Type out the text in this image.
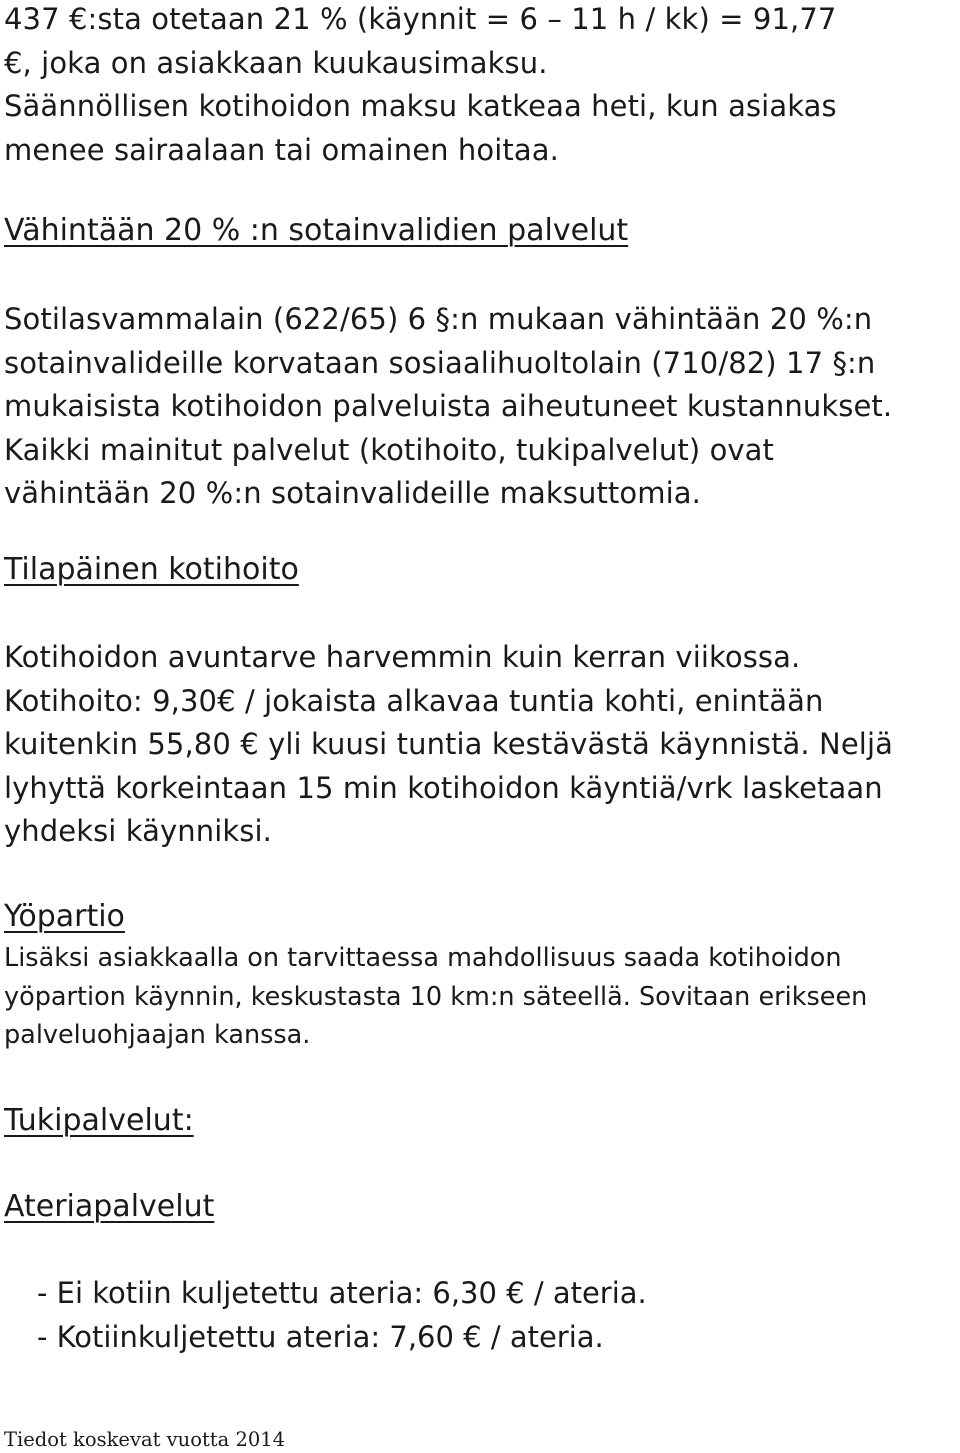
437 €:sta otetaan 21 % (käynnit = 6 – 11 h / kk) = 91,77
€, joka on asiakkaan kuukausimaksu.
Säännöllisen kotihoidon maksu katkeaa heti, kun asiakas
menee sairaalaan tai omainen hoitaa.

Vähintään 20 % :n sotainvalidien palvelut

Sotilasvammalain (622/65) 6 §:n mukaan vähintään 20 %:n
sotainvalideille korvataan sosiaalihuoltolain (710/82) 17 §:n
mukaisista kotihoidon palveluista aiheutuneet kustannukset.
Kaikki mainitut palvelut (kotihoito, tukipalvelut) ovat
vähintään 20 %:n sotainvalideille maksuttomia.

Tilapäinen kotihoito

Kotihoidon avuntarve harvemmin kuin kerran viikossa.
Kotihoito: 9,30€ / jokaista alkavaa tuntia kohti, enintään
kuitenkin 55,80 € yli kuusi tuntia kestävästä käynnistä. Neljä
lyhyttä korkeintaan 15 min kotihoidon käyntiä/vrk lasketaan
yhdeksi käynniksi.

Yöpartio

Lisäksi asiakkaalla on tarvittaessa mahdollisuus saada kotihoidon
yöpartion käynnin, keskustasta 10 km:n säteellä. Sovitaan erikseen
palveluohjaajan kanssa.

Tukipalvelut:
Ateriapalvelut
- Ei kotiin kuljetettu ateria: 6,30 € / ateria.
- Kotiinkuljetettu ateria: 7,60 € / ateria.
Tiedot koskevat vuotta 2014
